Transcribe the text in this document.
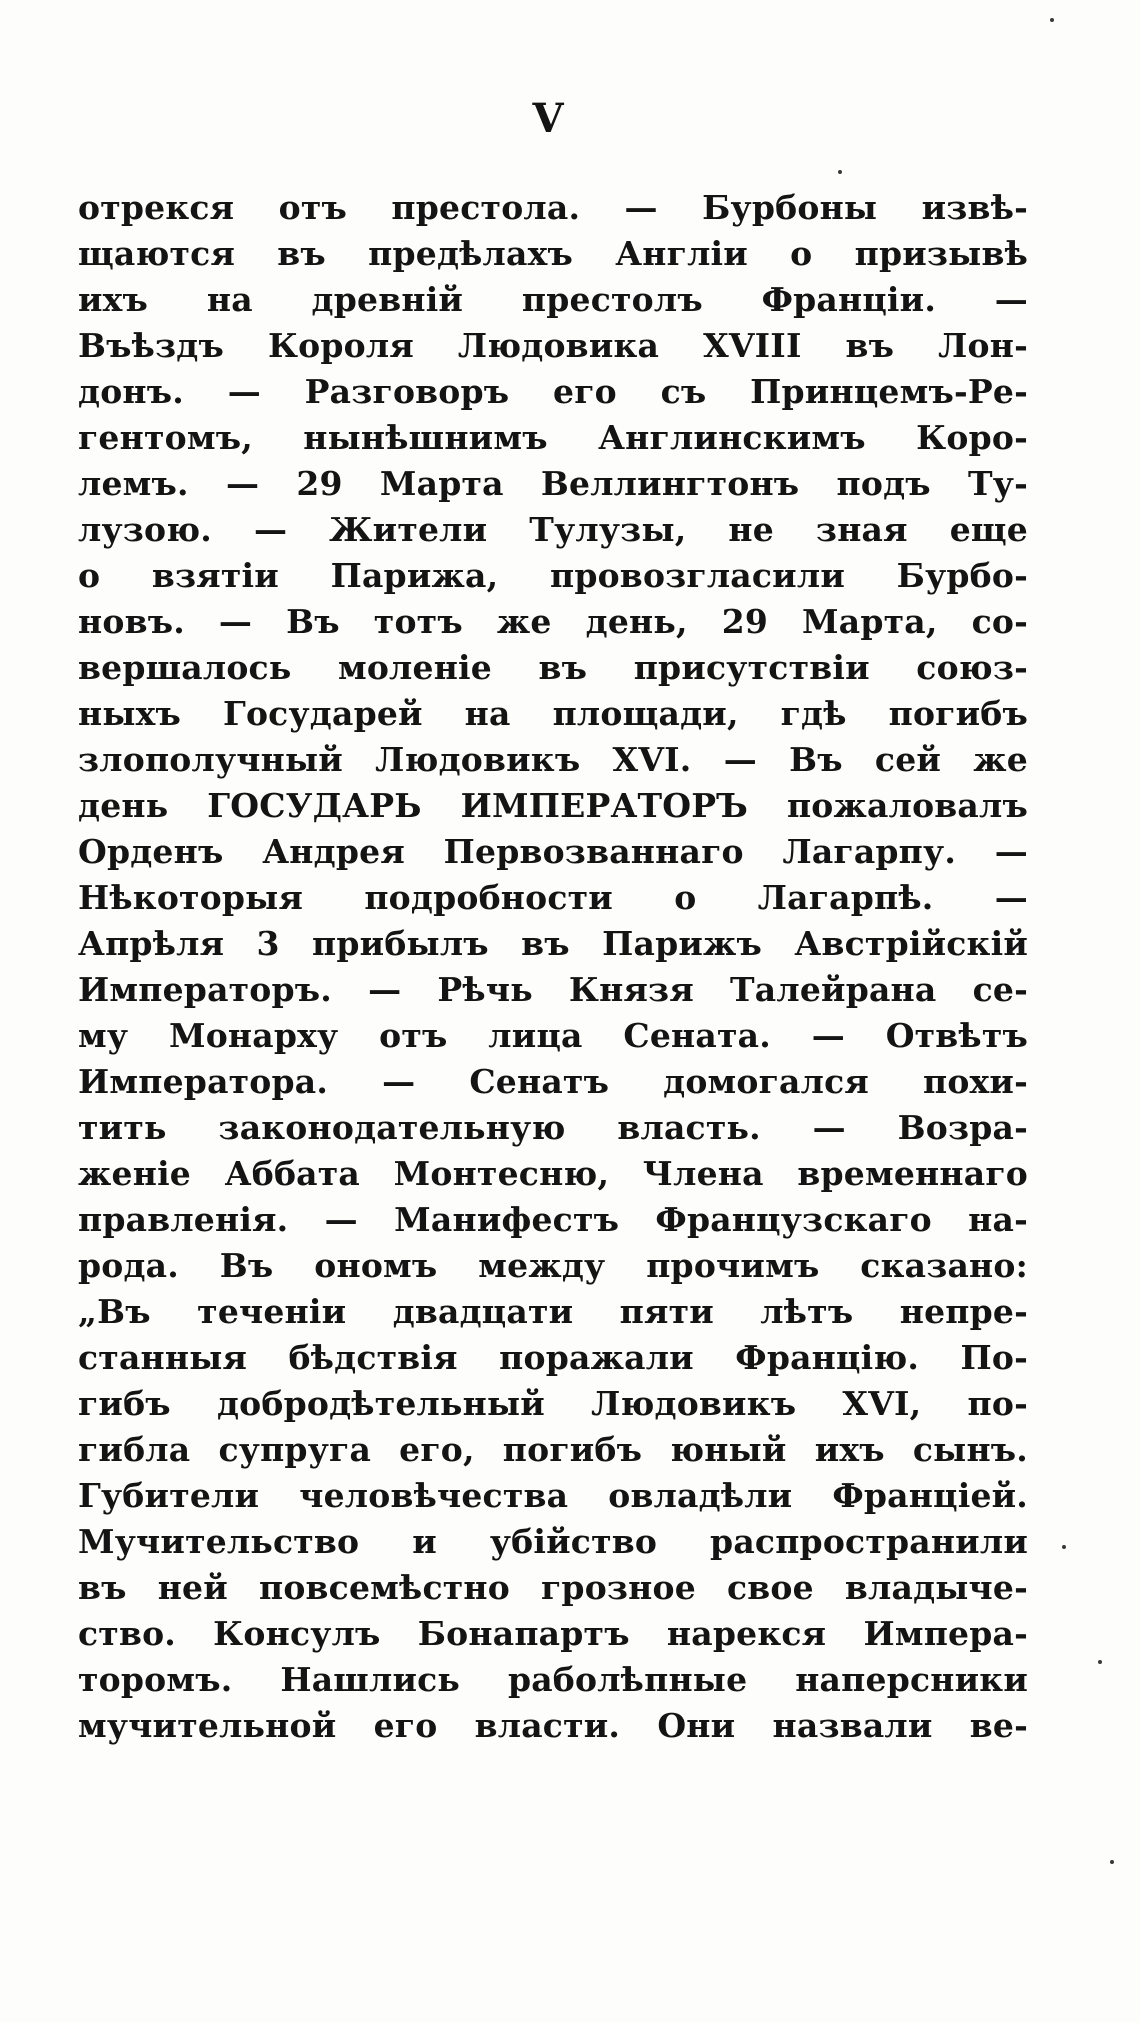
V
отрекся отъ престола. — Бурбоны извѣ-
щаются въ предѣлахъ Англіи о призывѣ
ихъ на древній престолъ Франціи. —
Въѣздъ Короля Людовика XVIII въ Лон-
донъ. — Разговоръ его съ Принцемъ-Ре-
гентомъ, нынѣшнимъ Англинскимъ Коро-
лемъ. — 29 Марта Веллингтонъ подъ Ту-
лузою. — Жители Тулузы, не зная еще
о взятіи Парижа, провозгласили Бурбо-
новъ. — Въ тотъ же день, 29 Марта, со-
вершалось моленіе въ присутствіи союз-
ныхъ Государей на площади, гдѣ погибъ
злополучный Людовикъ XVI. — Въ сей же
день ГОСУДАРЬ ИМПЕРАТОРЪ пожаловалъ
Орденъ Андрея Первозваннаго Лагарпу. —
Нѣкоторыя подробности о Лагарпѣ. —
Апрѣля 3 прибылъ въ Парижъ Австрійскій
Императоръ. — Рѣчь Князя Талейрана се-
му Монарху отъ лица Сената. — Отвѣтъ
Императора. — Сенатъ домогался похи-
тить законодательную власть. — Возра-
женіе Аббата Монтесню, Члена временнаго
правленія. — Манифестъ Французскаго на-
рода. Въ ономъ между прочимъ сказано:
„Въ теченіи двадцати пяти лѣтъ непре-
станныя бѣдствія поражали Францію. По-
гибъ добродѣтельный Людовикъ XVI, по-
гибла супруга его, погибъ юный ихъ сынъ.
Губители человѣчества овладѣли Франціей.
Мучительство и убійство распространили
въ ней повсемѣстно грозное свое владыче-
ство. Консулъ Бонапартъ нарекся Импера-
торомъ. Нашлись раболѣпные наперсники
мучительной его власти. Они назвали ве-
